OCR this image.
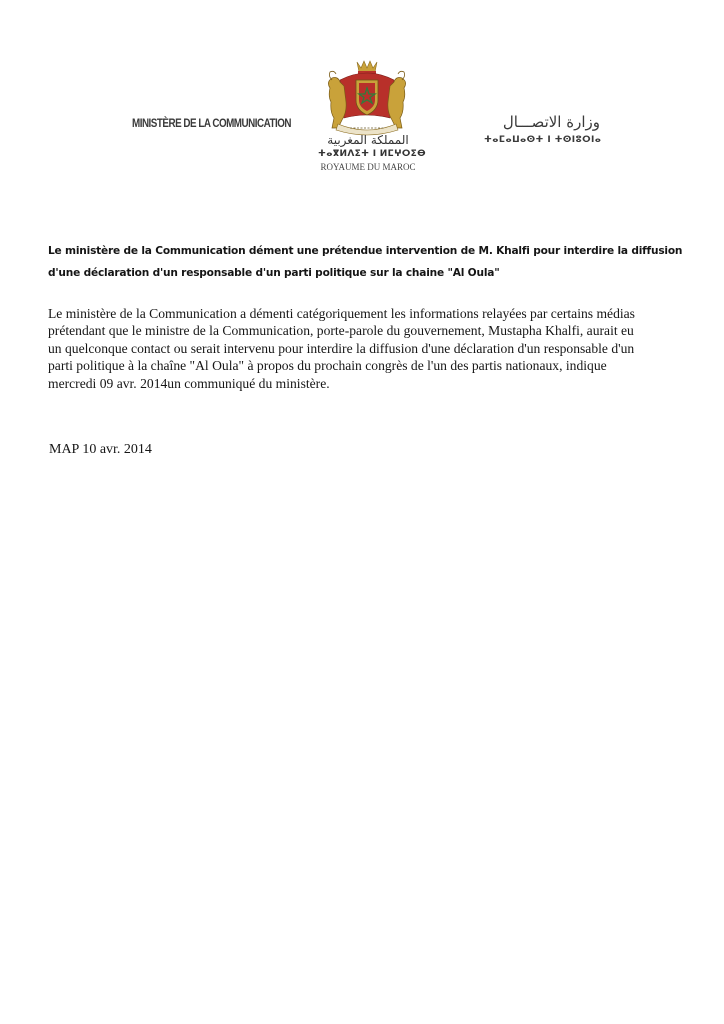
MINISTÈRE DE LA COMMUNICATION
المملكة المغربية
ⵜⴰⴳⵍⴷⵉⵜ ⵏ ⵍⵎⵖⵔⵉⴱ
ROYAUME DU MAROC
وزارة الاتصـــال
ⵜⴰⵎⴰⵡⴰⵙⵜ ⵏ ⵜⵙⵏⵓⵔⵏⴰ
Le ministère de la Communication dément une prétendue intervention de M. Khalfi pour interdire la diffusion
d'une déclaration d'un responsable d'un parti politique sur la chaine "Al Oula"
Le ministère de la Communication a démenti catégoriquement les informations relayées par certains médias
prétendant que le ministre de la Communication, porte-parole du gouvernement, Mustapha Khalfi, aurait eu
un quelconque contact ou serait intervenu pour interdire la diffusion d'une déclaration d'un responsable d'un
parti politique à la chaîne "Al Oula" à propos du prochain congrès de l'un des partis nationaux, indique
mercredi 09 avr. 2014un communiqué du ministère.
MAP 10 avr. 2014
